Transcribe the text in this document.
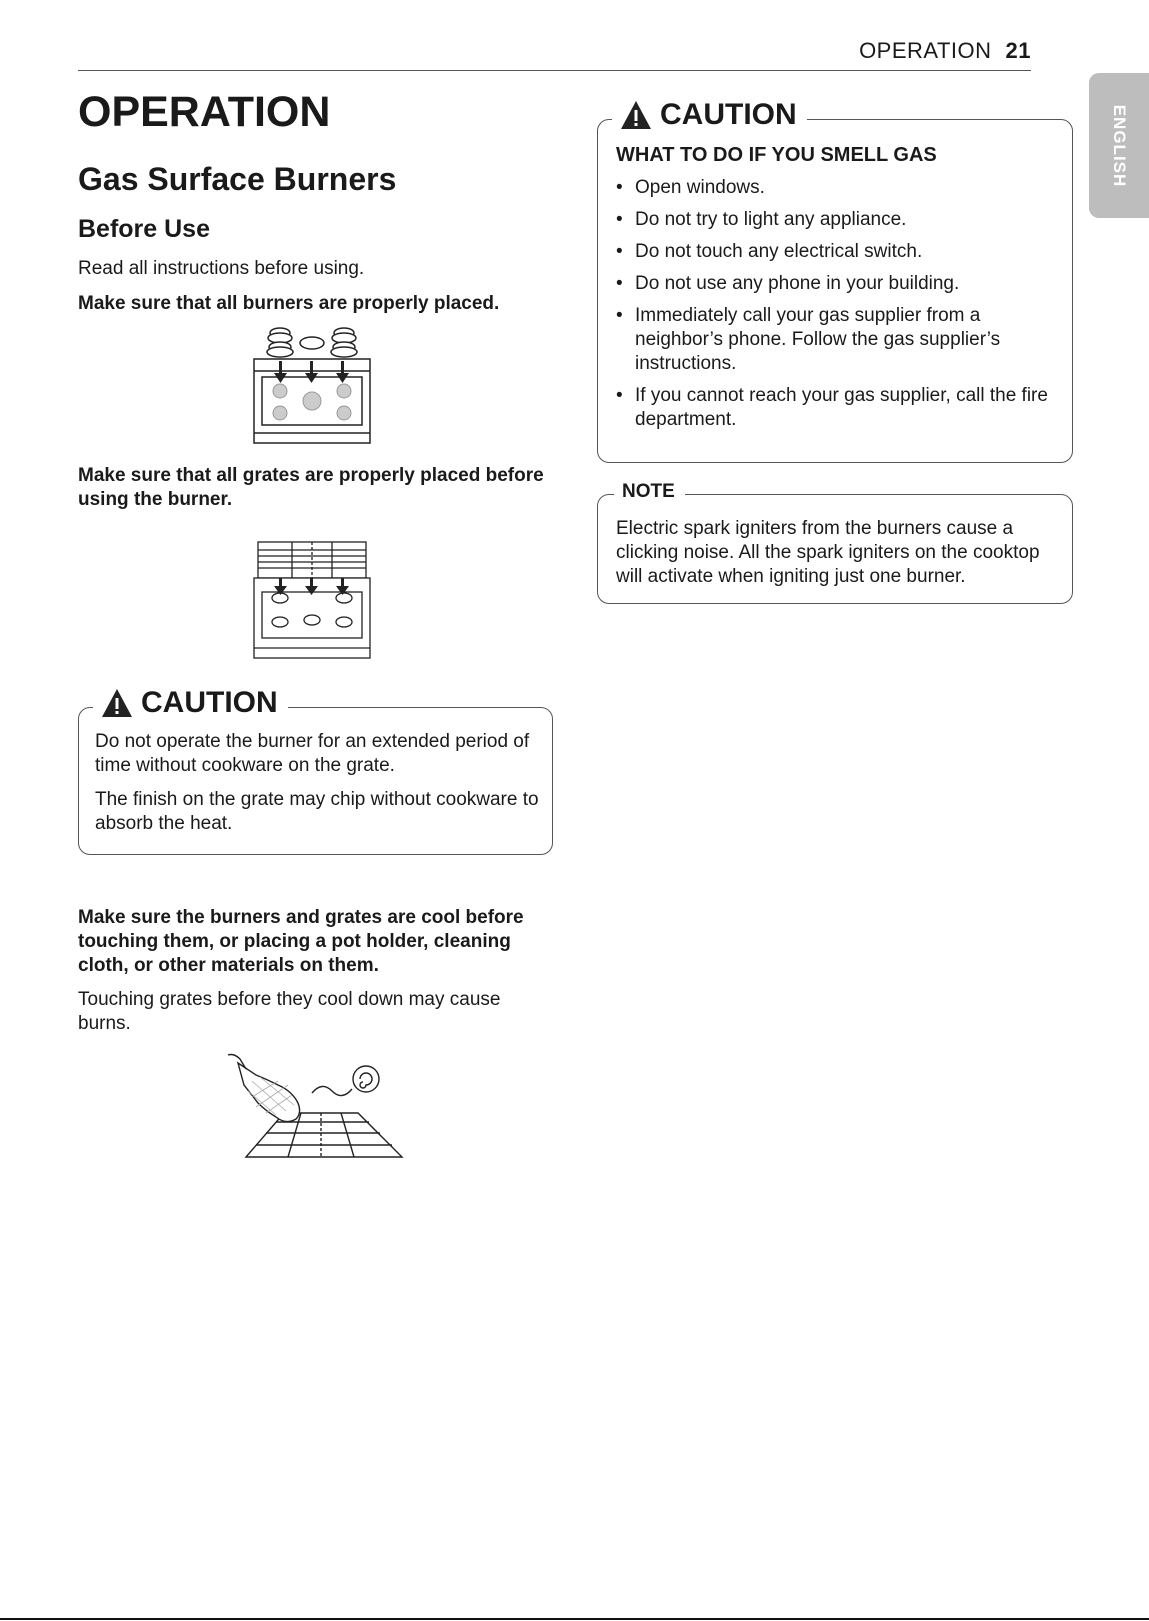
OPERATION 21
ENGLISH
OPERATION
Gas Surface Burners
Before Use
Read all instructions before using.
Make sure that all burners are properly placed.
Make sure that all grates are properly placed before using the burner.
CAUTION
Do not operate the burner for an extended period of time without cookware on the grate.
The finish on the grate may chip without cookware to absorb the heat.
Make sure the burners and grates are cool before touching them, or placing a pot holder, cleaning cloth, or other materials on them.
Touching grates before they cool down may cause burns.
CAUTION
WHAT TO DO IF YOU SMELL GAS
• Open windows.
• Do not try to light any appliance.
• Do not touch any electrical switch.
• Do not use any phone in your building.
• Immediately call your gas supplier from a neighbor’s phone. Follow the gas supplier’s instructions.
• If you cannot reach your gas supplier, call the fire department.
NOTE
Electric spark igniters from the burners cause a clicking noise. All the spark igniters on the cooktop will activate when igniting just one burner.
